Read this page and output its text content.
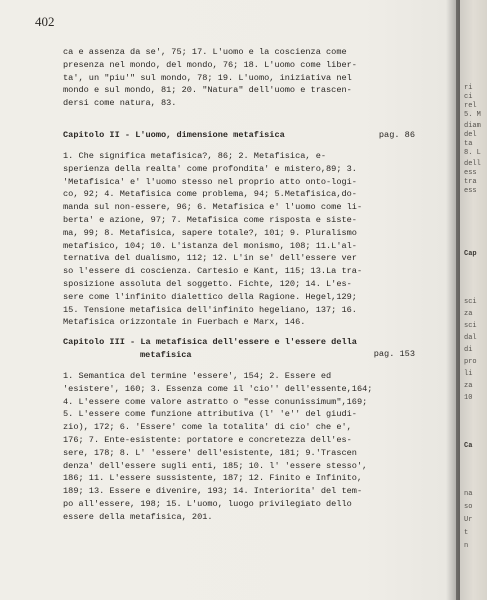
402

ca e assenza da se', 75; 17. L'uomo e la coscienza come
presenza nel mondo, del mondo, 76; 18. L'uomo come liber-
ta', un "piu'" sul mondo, 78; 19. L'uomo, iniziativa nel
mondo e sul mondo, 81; 20. "Natura" dell'uomo e trascen-
dersi come natura, 83.

Capitolo II - L'uomo, dimensione metafisica	pag. 86

1. Che significa metafisica?, 86; 2. Metafisica, e-
sperienza della realta' come profondita' e mistero,89; 3.
'Metafisica' e' l'uomo stesso nel proprio atto onto-logi-
co, 92; 4. Metafisica come problema, 94; 5.Metafisica,do-
manda sul non-essere, 96; 6. Metafisica e' l'uomo come li-
berta' e azione, 97; 7. Metafisica come risposta e siste-
ma, 99; 8. Metafisica, sapere totale?, 101; 9. Pluralismo
metafisico, 104; 10. L'istanza del monismo, 108; 11.L'al-
ternativa del dualismo, 112; 12. L'in se' dell'essere ver
so l'essere di coscienza. Cartesio e Kant, 115; 13.La tra-
sposizione assoluta del soggetto. Fichte, 120; 14. L'es-
sere come l'infinito dialettico della Ragione. Hegel,129;
15. Tensione metafisica dell'infinito hegeliano, 137; 16.
Metafisica orizzontale in Fuerbach e Marx, 146.

Capitolo III - La metafisica dell'essere e l'essere della
metafisica	pag. 153

1. Semantica del termine 'essere', 154; 2. Essere ed
'esistere', 160; 3. Essenza come il 'cio'' dell'essente,164;
4. L'essere come valore astratto o "esse conunissimum",169;
5. L'essere come funzione attributiva (l' 'e'' del giudi-
zio), 172; 6. 'Essere' come la totalita' di cio' che e',
176; 7. Ente-esistente: portatore e concretezza dell'es-
sere, 178; 8. L' 'essere' dell'esistente, 181; 9.'Trascen
denza' dell'essere sugli enti, 185; 10. l' 'essere stesso',
186; 11. L'essere sussistente, 187; 12. Finito e Infinito,
189; 13. Essere e divenire, 193; 14. Interiorita' del tem-
po all'essere, 198; 15. L'uomo, luogo privilegiato dello
essere della metafisica, 201.

ri
ci
rel
5. M
diam
del
ta
8. L
dell
ess
tra
ess
Cap
sci
za
sci
dal
di
pro
li
za
10
Ca
na
so
Ur
t
n
